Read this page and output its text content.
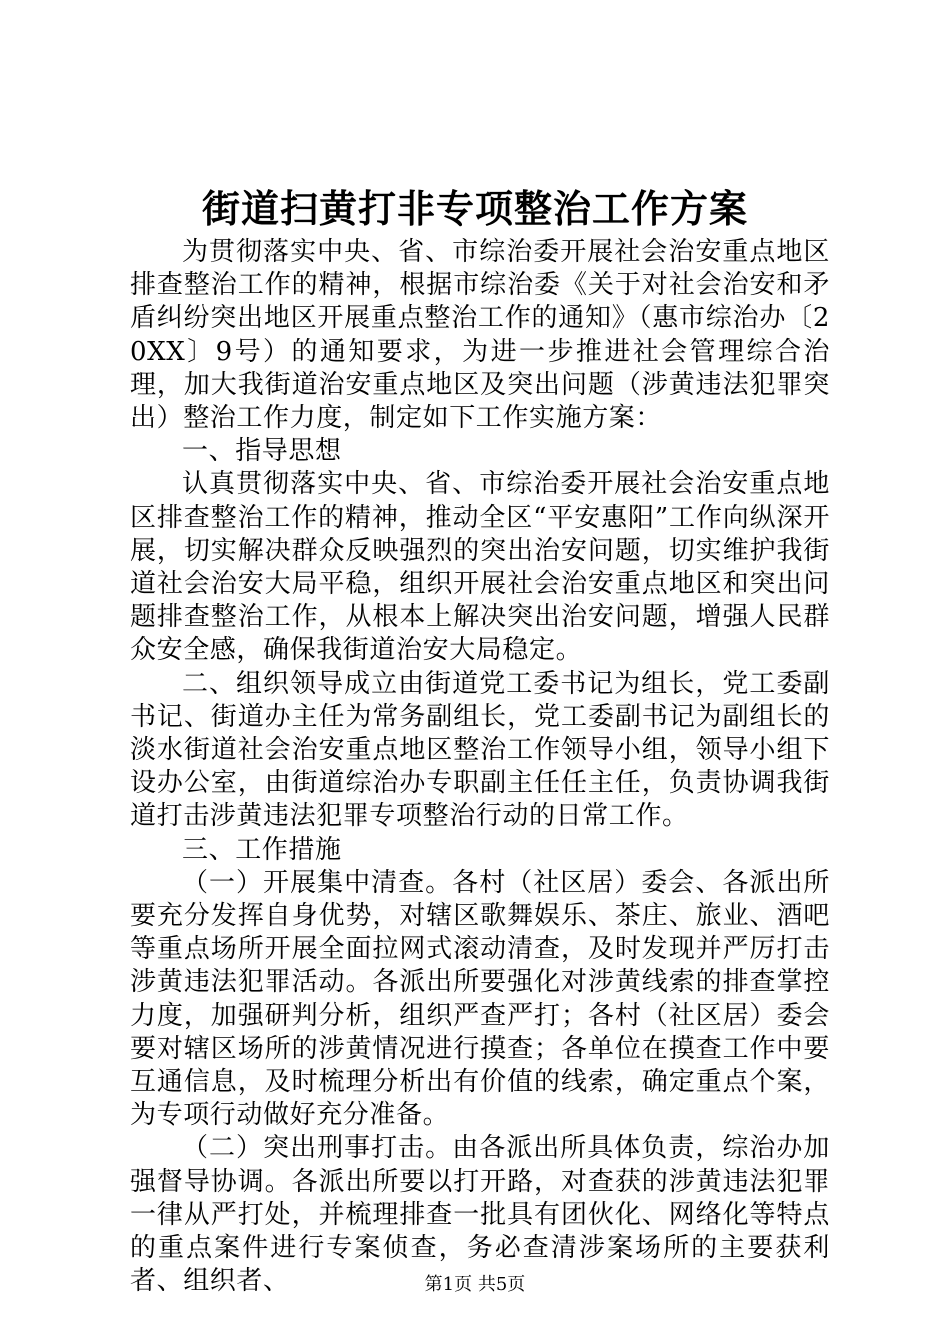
街道扫黄打非专项整治工作方案

为贯彻落实中央、省、市综治委开展社会治安重点地区排查整治工作的精神，根据市综治委《关于对社会治安和矛盾纠纷突出地区开展重点整治工作的通知》（惠市综治办〔20XX〕9号）的通知要求，为进一步推进社会管理综合治理，加大我街道治安重点地区及突出问题（涉黄违法犯罪突出）整治工作力度，制定如下工作实施方案：

一、指导思想

认真贯彻落实中央、省、市综治委开展社会治安重点地区排查整治工作的精神，推动全区“平安惠阳”工作向纵深开展，切实解决群众反映强烈的突出治安问题，切实维护我街道社会治安大局平稳，组织开展社会治安重点地区和突出问题排查整治工作，从根本上解决突出治安问题，增强人民群众安全感，确保我街道治安大局稳定。

二、组织领导成立由街道党工委书记为组长，党工委副书记、街道办主任为常务副组长，党工委副书记为副组长的淡水街道社会治安重点地区整治工作领导小组，领导小组下设办公室，由街道综治办专职副主任任主任，负责协调我街道打击涉黄违法犯罪专项整治行动的日常工作。

三、工作措施

（一）开展集中清查。各村（社区居）委会、各派出所要充分发挥自身优势，对辖区歌舞娱乐、茶庄、旅业、酒吧等重点场所开展全面拉网式滚动清查，及时发现并严厉打击涉黄违法犯罪活动。各派出所要强化对涉黄线索的排查掌控力度，加强研判分析，组织严查严打；各村（社区居）委会要对辖区场所的涉黄情况进行摸查；各单位在摸查工作中要互通信息，及时梳理分析出有价值的线索，确定重点个案，为专项行动做好充分准备。

（二）突出刑事打击。由各派出所具体负责，综治办加强督导协调。各派出所要以打开路，对查获的涉黄违法犯罪一律从严打处，并梳理排查一批具有团伙化、网络化等特点的重点案件进行专案侦查，务必查清涉案场所的主要获利者、组织者、	第1页 共5页
